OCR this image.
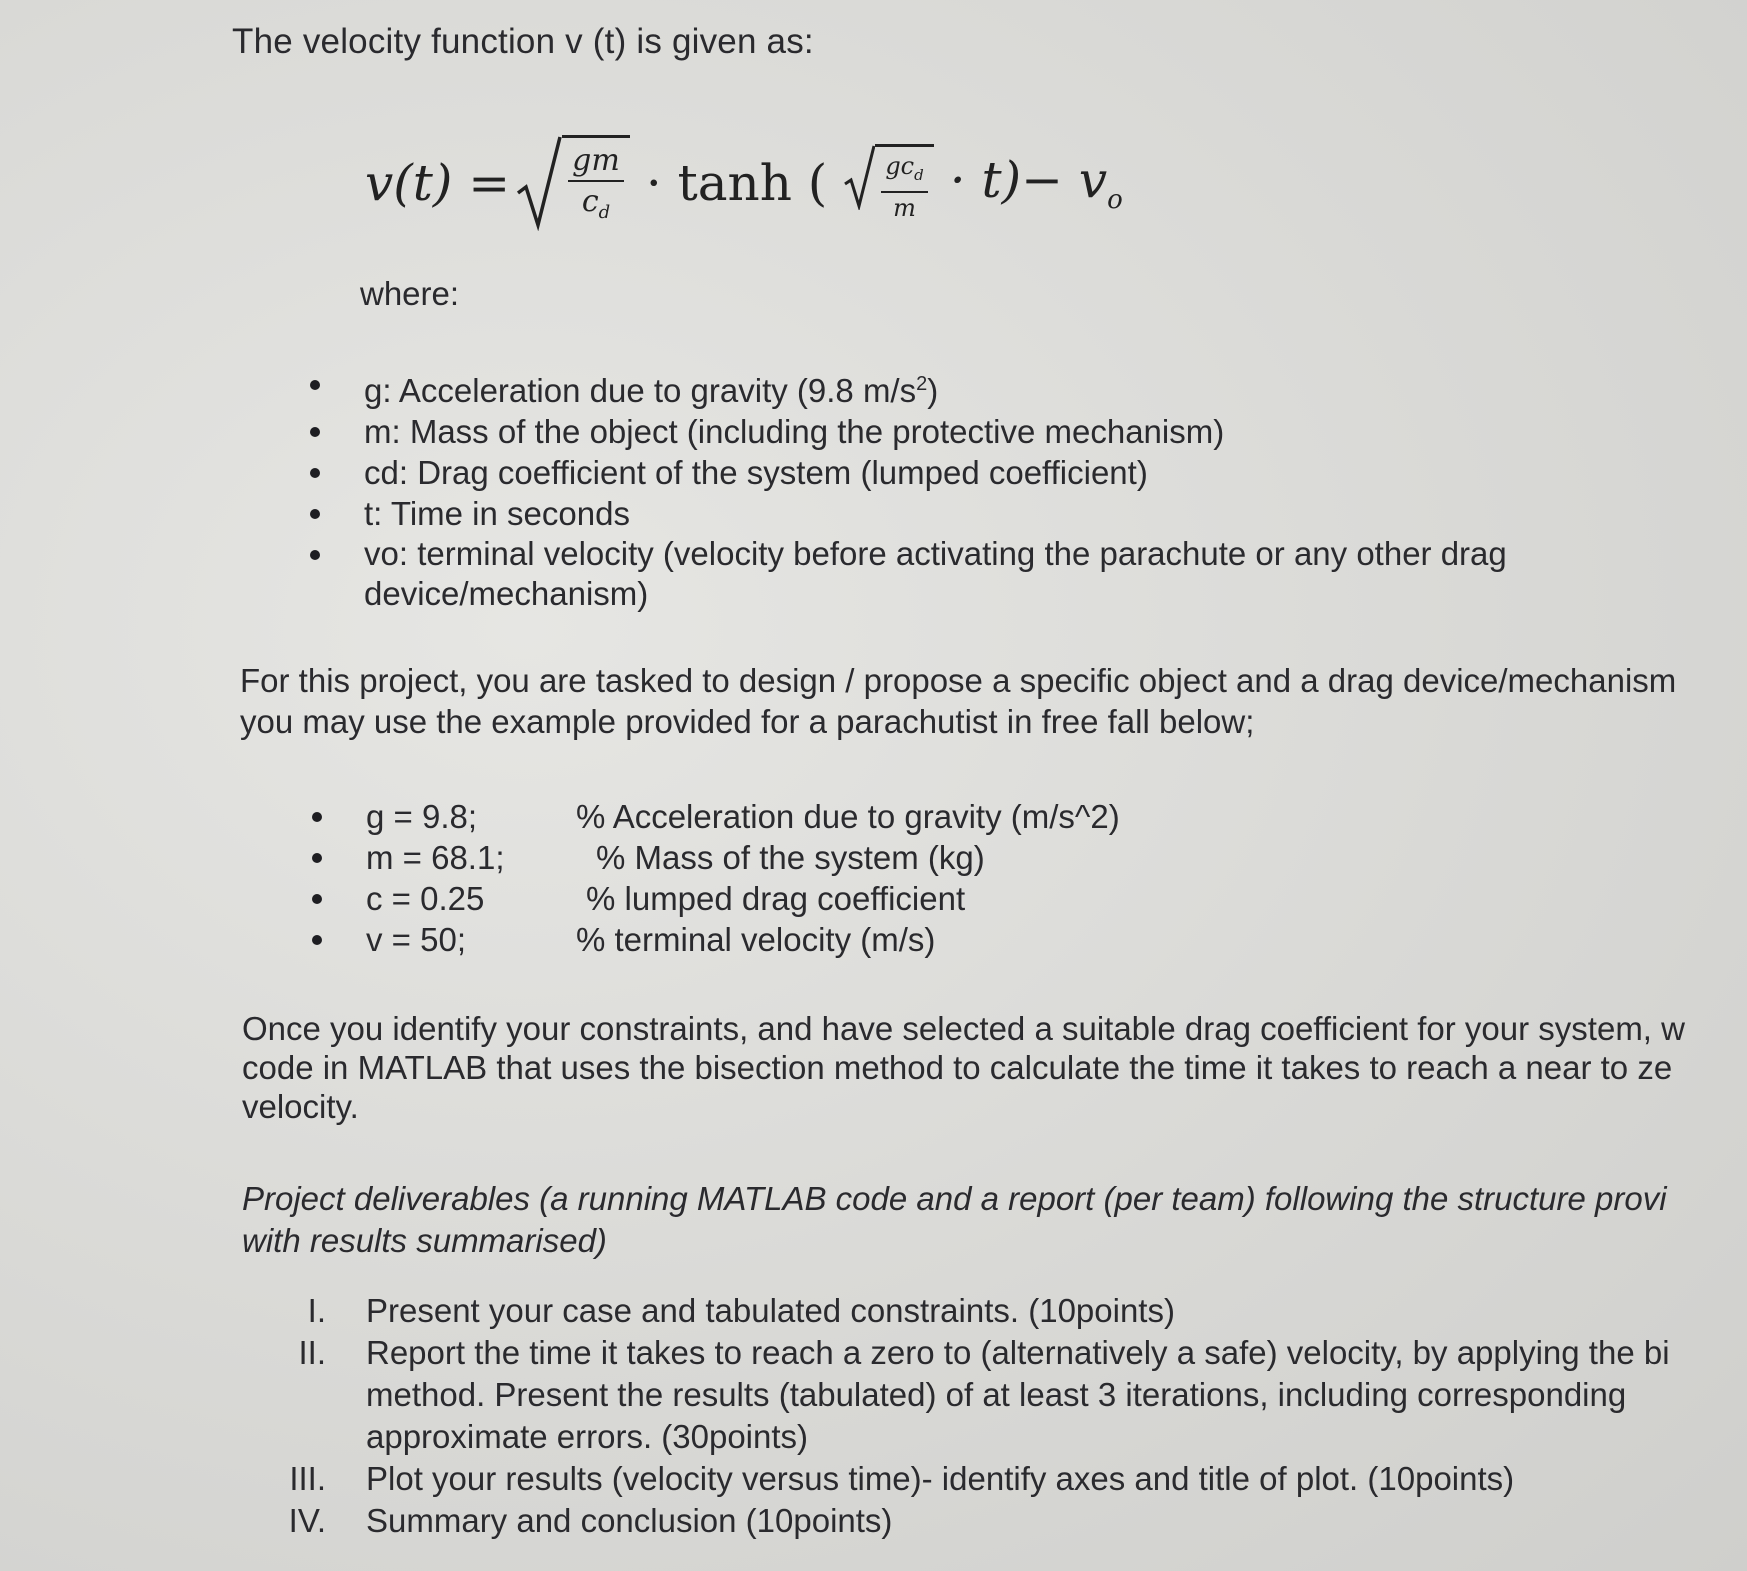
The velocity function v (t) is given as:
$v(t) = \frac{gm}{c_d} \cdot \tanh$ ( $\frac{gc_d}{m} \cdot t)- v_o$
where:
g: Acceleration due to gravity (9.8 $m/s^2$)
m: Mass of the object (including the protective mechanism)
cd: Drag coefficient of the system (lumped coefficient)
t: Time in seconds
vo: terminal velocity (velocity before activating the parachute or any other drag device/mechanism)
For this project, you are tasked to design / propose a specific object and a drag device/mechanism
you may use the example provided for a parachutist in free fall below;
g = 9.8;	% Acceleration due to gravity (m/s^2)
m = 68.1;	% Mass of the system (kg)
c = 0.25	% lumped drag coefficient
v = 50;	% terminal velocity (m/s)
Once you identify your constraints, and have selected a suitable drag coefficient for your system, w
code in MATLAB that uses the bisection method to calculate the time it takes to reach a near to ze
velocity.
Project deliverables (a running MATLAB code and a report (per team) following the structure provi
with results summarised)
I. Present your case and tabulated constraints. (10points)
II. Report the time it takes to reach a zero to (alternatively a safe) velocity, by applying the bi
method. Present the results (tabulated) of at least 3 iterations, including corresponding
approximate errors. (30points)
III. Plot your results (velocity versus time)- identify axes and title of plot. (10points)
IV. Summary and conclusion (10points)
